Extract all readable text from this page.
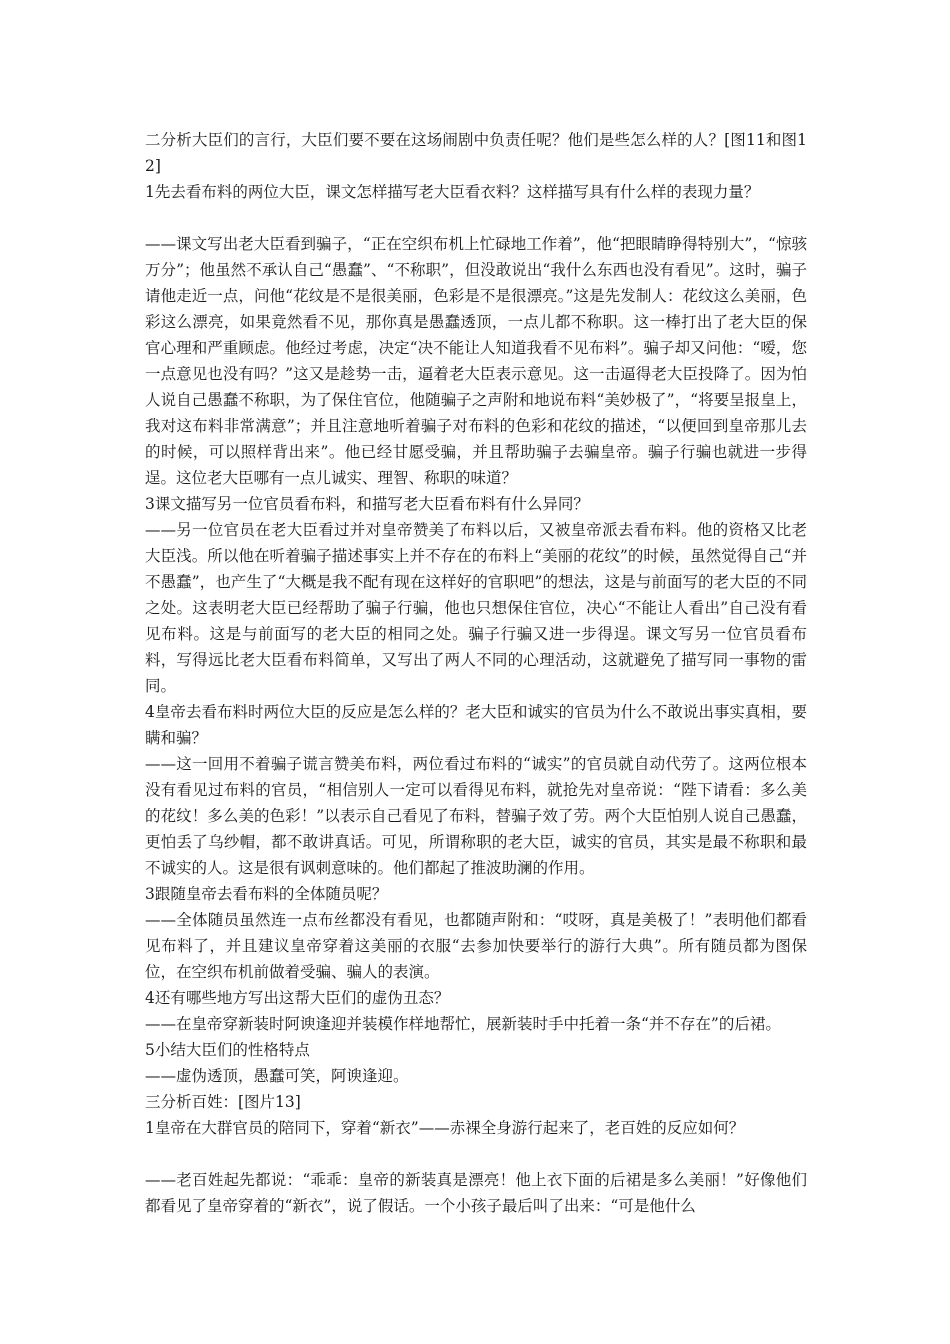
二分析大臣们的言行，大臣们要不要在这场闹剧中负责任呢？他们是些怎么样的人？[图11和图12]

1先去看布料的两位大臣，课文怎样描写老大臣看衣料？这样描写具有什么样的表现力量？

——课文写出老大臣看到骗子，“正在空织布机上忙碌地工作着”，他“把眼睛睁得特别大”，“惊骇万分”；他虽然不承认自己“愚蠢”、“不称职”，但没敢说出“我什么东西也没有看见”。这时，骗子请他走近一点，问他“花纹是不是很美丽，色彩是不是很漂亮。”这是先发制人：花纹这么美丽，色彩这么漂亮，如果竟然看不见，那你真是愚蠢透顶，一点儿都不称职。这一棒打出了老大臣的保官心理和严重顾虑。他经过考虑，决定“决不能让人知道我看不见布料”。骗子却又问他：“嗳，您一点意见也没有吗？”这又是趁势一击，逼着老大臣表示意见。这一击逼得老大臣投降了。因为怕人说自己愚蠢不称职，为了保住官位，他随骗子之声附和地说布料“美妙极了”，“将要呈报皇上，我对这布料非常满意”；并且注意地听着骗子对布料的色彩和花纹的描述，“以便回到皇帝那儿去的时候，可以照样背出来”。他已经甘愿受骗，并且帮助骗子去骗皇帝。骗子行骗也就进一步得逞。这位老大臣哪有一点儿诚实、理智、称职的味道？

3课文描写另一位官员看布料，和描写老大臣看布料有什么异同？

——另一位官员在老大臣看过并对皇帝赞美了布料以后，又被皇帝派去看布料。他的资格又比老大臣浅。所以他在听着骗子描述事实上并不存在的布料上“美丽的花纹”的时候，虽然觉得自己“并不愚蠢”，也产生了“大概是我不配有现在这样好的官职吧”的想法，这是与前面写的老大臣的不同之处。这表明老大臣已经帮助了骗子行骗，他也只想保住官位，决心“不能让人看出”自己没有看见布料。这是与前面写的老大臣的相同之处。骗子行骗又进一步得逞。课文写另一位官员看布料，写得远比老大臣看布料简单，又写出了两人不同的心理活动，这就避免了描写同一事物的雷同。

4皇帝去看布料时两位大臣的反应是怎么样的？老大臣和诚实的官员为什么不敢说出事实真相，要瞒和骗？

——这一回用不着骗子谎言赞美布料，两位看过布料的“诚实”的官员就自动代劳了。这两位根本没有看见过布料的官员，“相信别人一定可以看得见布料，就抢先对皇帝说：“陛下请看：多么美的花纹！多么美的色彩！”以表示自己看见了布料，替骗子效了劳。两个大臣怕别人说自己愚蠢，更怕丢了乌纱帽，都不敢讲真话。可见，所谓称职的老大臣，诚实的官员，其实是最不称职和最不诚实的人。这是很有讽刺意味的。他们都起了推波助澜的作用。

3跟随皇帝去看布料的全体随员呢？

——全体随员虽然连一点布丝都没有看见，也都随声附和：“哎呀，真是美极了！”表明他们都看见布料了，并且建议皇帝穿着这美丽的衣服“去参加快要举行的游行大典”。所有随员都为图保位，在空织布机前做着受骗、骗人的表演。

4还有哪些地方写出这帮大臣们的虚伪丑态？

——在皇帝穿新装时阿谀逢迎并装模作样地帮忙，展新装时手中托着一条“并不存在”的后裙。

5小结大臣们的性格特点

——虚伪透顶，愚蠢可笑，阿谀逢迎。

三分析百姓：[图片13]

1皇帝在大群官员的陪同下，穿着“新衣”——赤裸全身游行起来了，老百姓的反应如何？

——老百姓起先都说：“乖乖：皇帝的新装真是漂亮！他上衣下面的后裙是多么美丽！”好像他们都看见了皇帝穿着的“新衣”，说了假话。一个小孩子最后叫了出来：“可是他什么
